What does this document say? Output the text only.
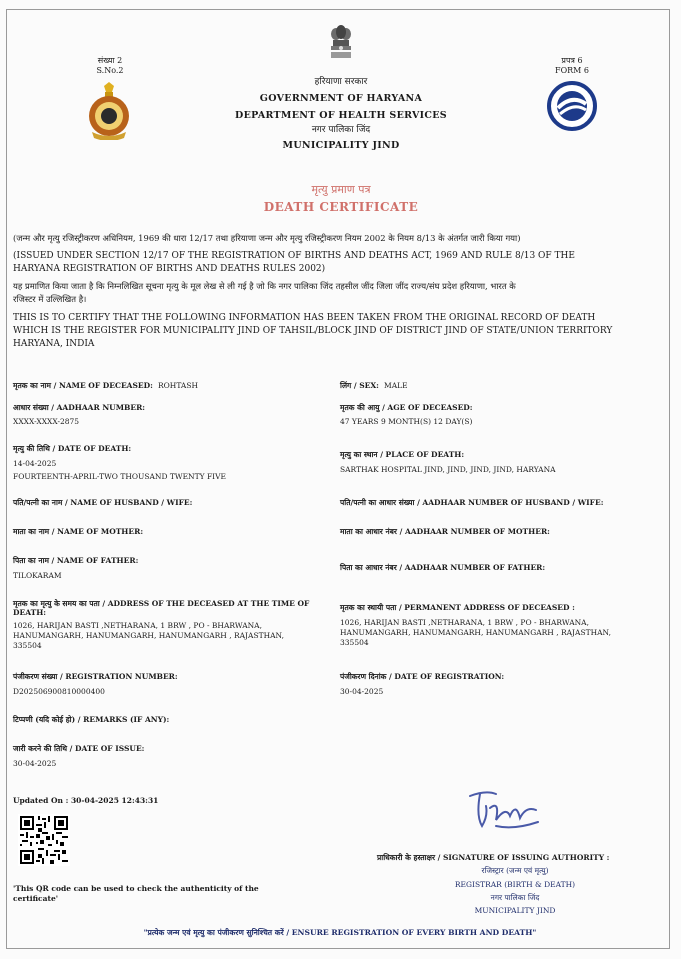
संख्या 2
S.No.2
प्रपत्र 6
FORM 6
हरियाणा सरकार
GOVERNMENT OF HARYANA
DEPARTMENT OF HEALTH SERVICES
नगर पालिका जिंद
MUNICIPALITY JIND
मृत्यु प्रमाण पत्र
DEATH CERTIFICATE
(जन्म और मृत्यु रजिस्ट्रीकरण अधिनियम, 1969 की धारा 12/17 तथा हरियाणा जन्म और मृत्यु रजिस्ट्रीकरण नियम 2002 के नियम 8/13 के अंतर्गत जारी किया गया)
(ISSUED UNDER SECTION 12/17 OF THE REGISTRATION OF BIRTHS AND DEATHS ACT, 1969 AND RULE 8/13 OF THE
HARYANA REGISTRATION OF BIRTHS AND DEATHS RULES 2002)
यह प्रमाणित किया जाता है कि निम्नलिखित सूचना मृत्यु के मूल लेख से ली गई है जो कि नगर पालिका जिंद तहसील जींद जिला जींद राज्य/संघ प्रदेश हरियाणा, भारत के
रजिस्टर में उल्लिखित है।
THIS IS TO CERTIFY THAT THE FOLLOWING INFORMATION HAS BEEN TAKEN FROM THE ORIGINAL RECORD OF DEATH
WHICH IS THE REGISTER FOR MUNICIPALITY JIND OF TAHSIL/BLOCK JIND OF DISTRICT JIND OF STATE/UNION TERRITORY
HARYANA, INDIA
मृतक का नाम / NAME OF DECEASED: ROHTASH	लिंग / SEX: MALE
आधार संख्या / AADHAAR NUMBER:
XXXX-XXXX-2875
मृतक की आयु / AGE OF DECEASED:
47 YEARS 9 MONTH(S) 12 DAY(S)
मृत्यु की तिथि / DATE OF DEATH:
14-04-2025
FOURTEENTH-APRIL-TWO THOUSAND TWENTY FIVE
मृत्यु का स्थान / PLACE OF DEATH:
SARTHAK HOSPITAL JIND, JIND, JIND, JIND, HARYANA
पति/पत्नी का नाम / NAME OF HUSBAND / WIFE:	पति/पत्नी का आधार संख्या / AADHAAR NUMBER OF HUSBAND / WIFE:
माता का नाम / NAME OF MOTHER:	माता का आधार नंबर / AADHAAR NUMBER OF MOTHER:
पिता का नाम / NAME OF FATHER:
TILOKARAM
पिता का आधार नंबर / AADHAAR NUMBER OF FATHER:
मृतक का मृत्यु के समय का पता / ADDRESS OF THE DECEASED AT THE TIME OF
DEATH:
1026, HARIJAN BASTI ,NETHARANA, 1 BRW , PO - BHARWANA,
HANUMANGARH, HANUMANGARH, HANUMANGARH , RAJASTHAN,
335504
मृतक का स्थायी पता / PERMANENT ADDRESS OF DECEASED :
1026, HARIJAN BASTI ,NETHARANA, 1 BRW , PO - BHARWANA,
HANUMANGARH, HANUMANGARH, HANUMANGARH , RAJASTHAN,
335504
पंजीकरण संख्या / REGISTRATION NUMBER:
D202506900810000400
पंजीकरण दिनांक / DATE OF REGISTRATION:
30-04-2025
टिप्पणी (यदि कोई हो) / REMARKS (IF ANY):
जारी करने की तिथि / DATE OF ISSUE:
30-04-2025
Updated On : 30-04-2025 12:43:31
'This QR code can be used to check the authenticity of the
certificate'
प्राधिकारी के हस्ताक्षर / SIGNATURE OF ISSUING AUTHORITY :
रजिस्ट्रार (जन्म एवं मृत्यु)
REGISTRAR (BIRTH & DEATH)
नगर पालिका जिंद
MUNICIPALITY JIND
"प्रत्येक जन्म एवं मृत्यु का पंजीकरण सुनिश्चित करें / ENSURE REGISTRATION OF EVERY BIRTH AND DEATH"
